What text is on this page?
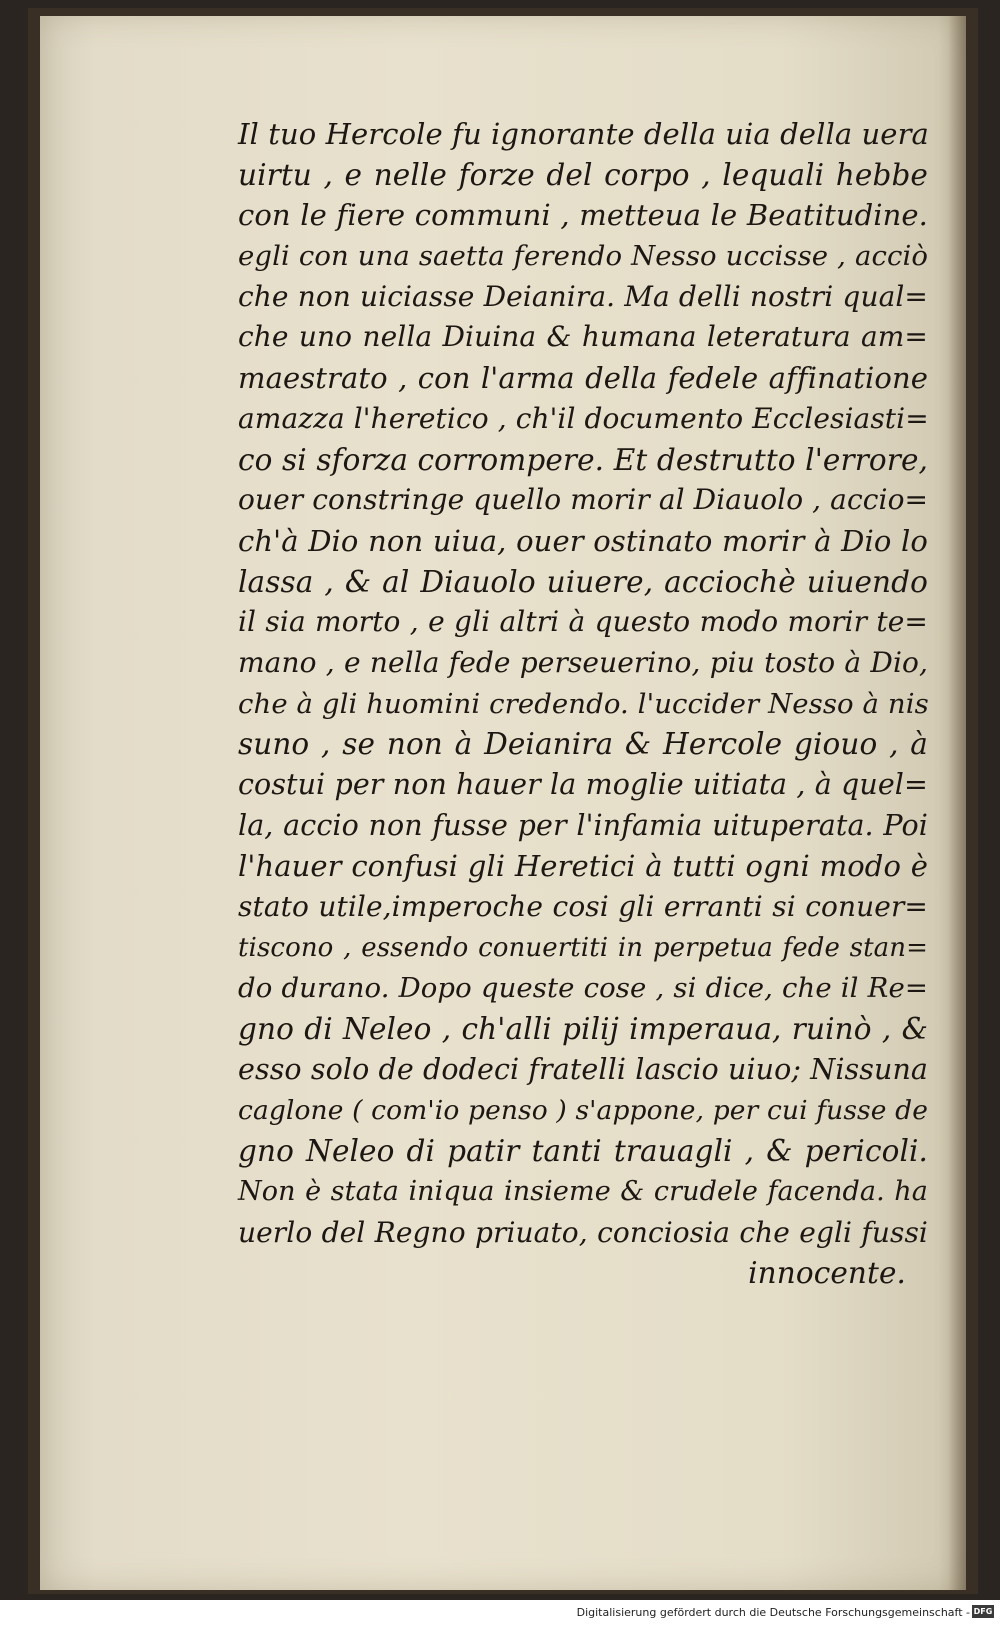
Il tuo Hercole fu ignorante della uia della uera
uirtu , e nelle forze del corpo , lequali hebbe
con le fiere communi , metteua le Beatitudine.
egli con una saetta ferendo Nesso uccisse , acciò
che non uiciasse Deianira. Ma delli nostri qual=
che uno nella Diuina & humana leteratura am=
maestrato , con l'arma della fedele affinatione
amazza l'heretico , ch'il documento Ecclesiasti=
co si sforza corrompere. Et destrutto l'errore,
ouer constringe quello morir al Diauolo , accio=
ch'à Dio non uiua, ouer ostinato morir à Dio lo
lassa , & al Diauolo uiuere, acciochè uiuendo
il sia morto , e gli altri à questo modo morir te=
mano , e nella fede perseuerino, piu tosto à Dio,
che à gli huomini credendo. l'uccider Nesso à nis
suno , se non à Deianira & Hercole giouo , à
costui per non hauer la moglie uitiata , à quel=
la, accio non fusse per l'infamia uituperata. Poi
l'hauer confusi gli Heretici à tutti ogni modo è
stato utile,imperoche cosi gli erranti si conuer=
tiscono , essendo conuertiti in perpetua fede stan=
do durano. Dopo queste cose , si dice, che il Re=
gno di Neleo , ch'alli pilij imperaua, ruinò , &
esso solo de dodeci fratelli lascio uiuo; Nissuna
caglone ( com'io penso ) s'appone, per cui fusse de
gno Neleo di patir tanti trauagli , & pericoli.
Non è stata iniqua insieme & crudele facenda. ha
uerlo del Regno priuato, conciosia che egli fussi
innocente.
Digitalisierung gefördert durch die Deutsche Forschungsgemeinschaft - DFG
